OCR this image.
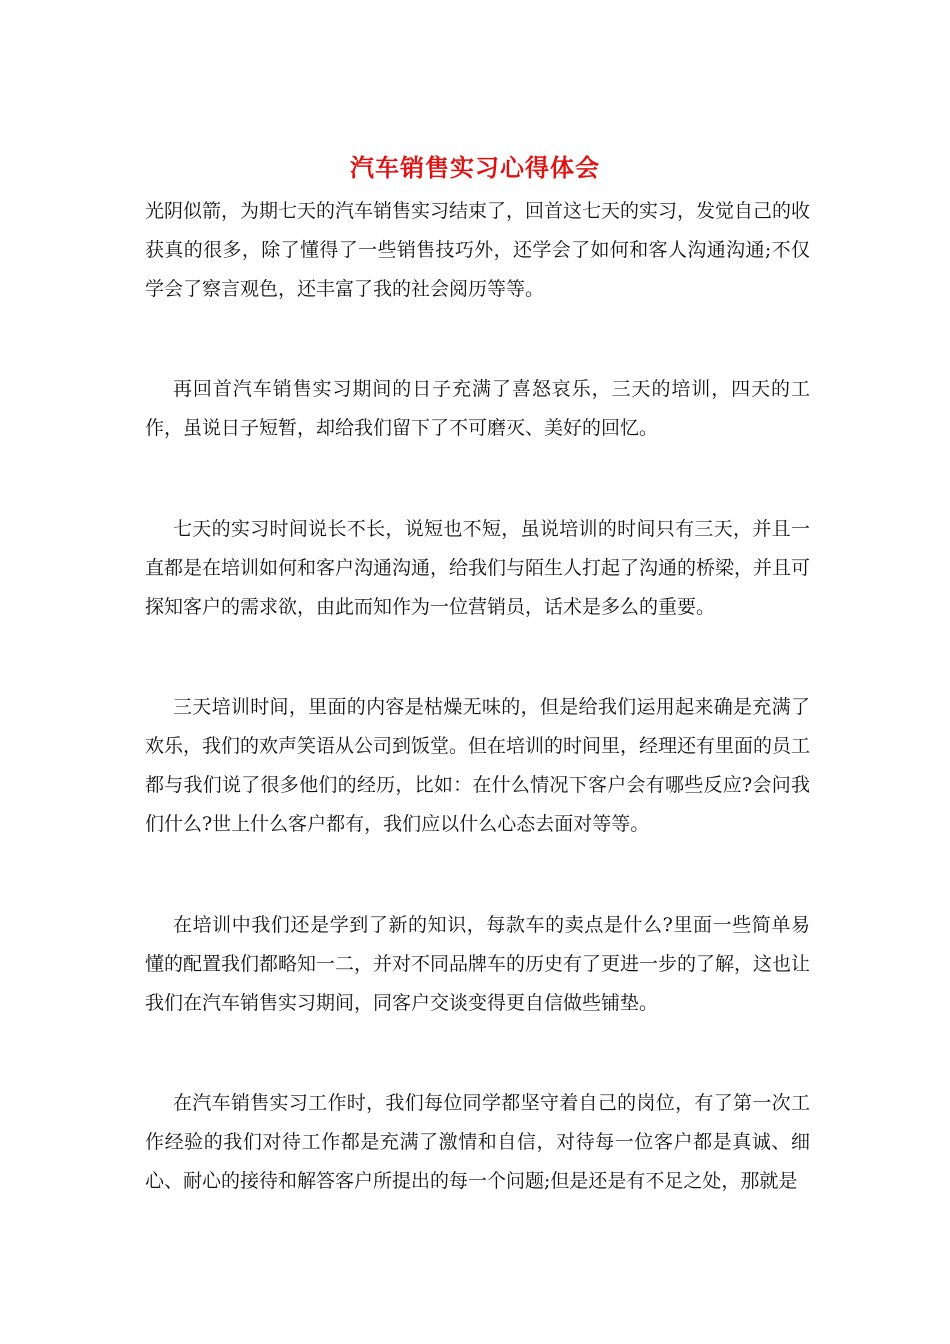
汽车销售实习心得体会
光阴似箭，为期七天的汽车销售实习结束了，回首这七天的实习，发觉自己的收获真的很多，除了懂得了一些销售技巧外，还学会了如何和客人沟通沟通;不仅学会了察言观色，还丰富了我的社会阅历等等。
再回首汽车销售实习期间的日子充满了喜怒哀乐，三天的培训，四天的工作，虽说日子短暂，却给我们留下了不可磨灭、美好的回忆。
七天的实习时间说长不长，说短也不短，虽说培训的时间只有三天，并且一直都是在培训如何和客户沟通沟通，给我们与陌生人打起了沟通的桥梁，并且可探知客户的需求欲，由此而知作为一位营销员，话术是多么的重要。
三天培训时间，里面的内容是枯燥无味的，但是给我们运用起来确是充满了欢乐，我们的欢声笑语从公司到饭堂。但在培训的时间里，经理还有里面的员工都与我们说了很多他们的经历，比如：在什么情况下客户会有哪些反应?会问我们什么?世上什么客户都有，我们应以什么心态去面对等等。
在培训中我们还是学到了新的知识，每款车的卖点是什么?里面一些简单易懂的配置我们都略知一二，并对不同品牌车的历史有了更进一步的了解，这也让我们在汽车销售实习期间，同客户交谈变得更自信做些铺垫。
在汽车销售实习工作时，我们每位同学都坚守着自己的岗位，有了第一次工作经验的我们对待工作都是充满了激情和自信，对待每一位客户都是真诚、细心、耐心的接待和解答客户所提出的每一个问题;但是还是有不足之处，那就是
